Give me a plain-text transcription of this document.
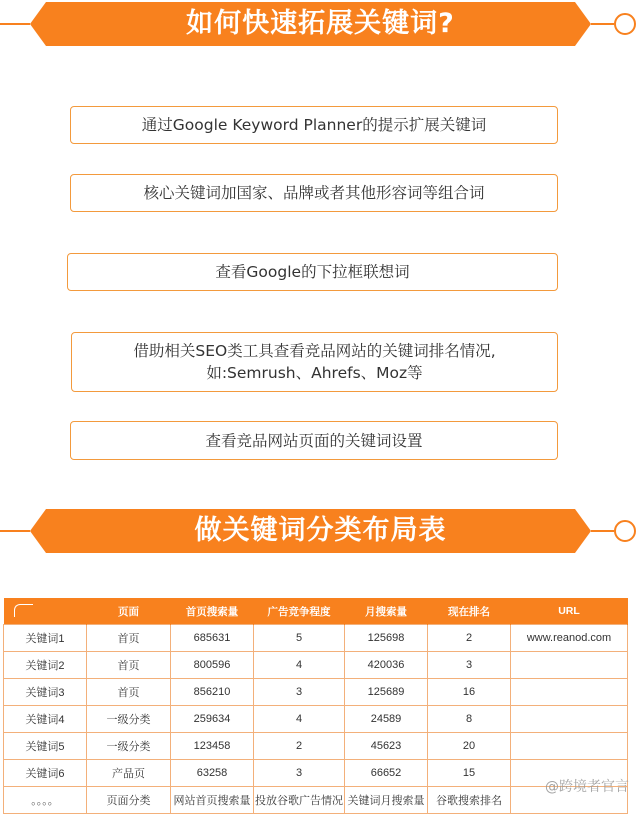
如何快速拓展关键词?
通过Google Keyword Planner的提示扩展关键词
核心关键词加国家、品牌或者其他形容词等组合词
查看Google的下拉框联想词
借助相关SEO类工具查看竞品网站的关键词排名情况,
如:Semrush、Ahrefs、Moz等
查看竞品网站页面的关键词设置
做关键词分类布局表
	页面	首页搜索量	广告竞争程度	月搜索量	现在排名	URL
关键词1	首页	685631	5	125698	2	www.reanod.com
关键词2	首页	800596	4	420036	3	
关键词3	首页	856210	3	125689	16	
关键词4	一级分类	259634	4	24589	8	
关键词5	一级分类	123458	2	45623	20	
关键词6	产品页	63258	3	66652	15	
。。。。	页面分类	网站首页搜索量	投放谷歌广告情况	关键词月搜索量	谷歌搜索排名	
@跨境者官言
